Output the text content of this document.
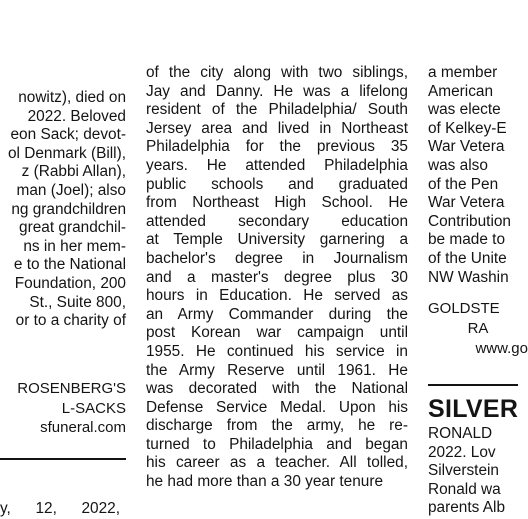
nowitz), died on
2022. Beloved
eon Sack; devot-
ol Denmark (Bill),
z (Rabbi Allan),
man (Joel); also
ng grandchildren
great grandchil-
ns in her mem-
e to the National
Foundation, 200
St., Suite 800,
or to a charity of
ROSENBERG'S
L-SACKS
sfuneral.com
y, 12, 2022,
of the city along with two siblings,
Jay and Danny. He was a lifelong
resident of the Philadelphia/ South
Jersey area and lived in Northeast
Philadelphia for the previous 35
years. He attended Philadelphia
public schools and graduated
from Northeast High School. He
attended secondary education
at Temple University garnering a
bachelor's degree in Journalism
and a master's degree plus 30
hours in Education. He served as
an Army Commander during the
post Korean war campaign until
1955. He continued his service in
the Army Reserve until 1961. He
was decorated with the National
Defense Service Medal. Upon his
discharge from the army, he re-
turned to Philadelphia and began
his career as a teacher. All tolled,
he had more than a 30 year tenure
a member
American
was electe
of Kelkey-E
War Vetera
was also
of the Pen
War Vetera
Contribution
be made to
of the Unite
NW Washin
GOLDSTE
RA
www.go
SILVER
RONALD
2022. Lov
Silverstein
Ronald wa
parents Alb
